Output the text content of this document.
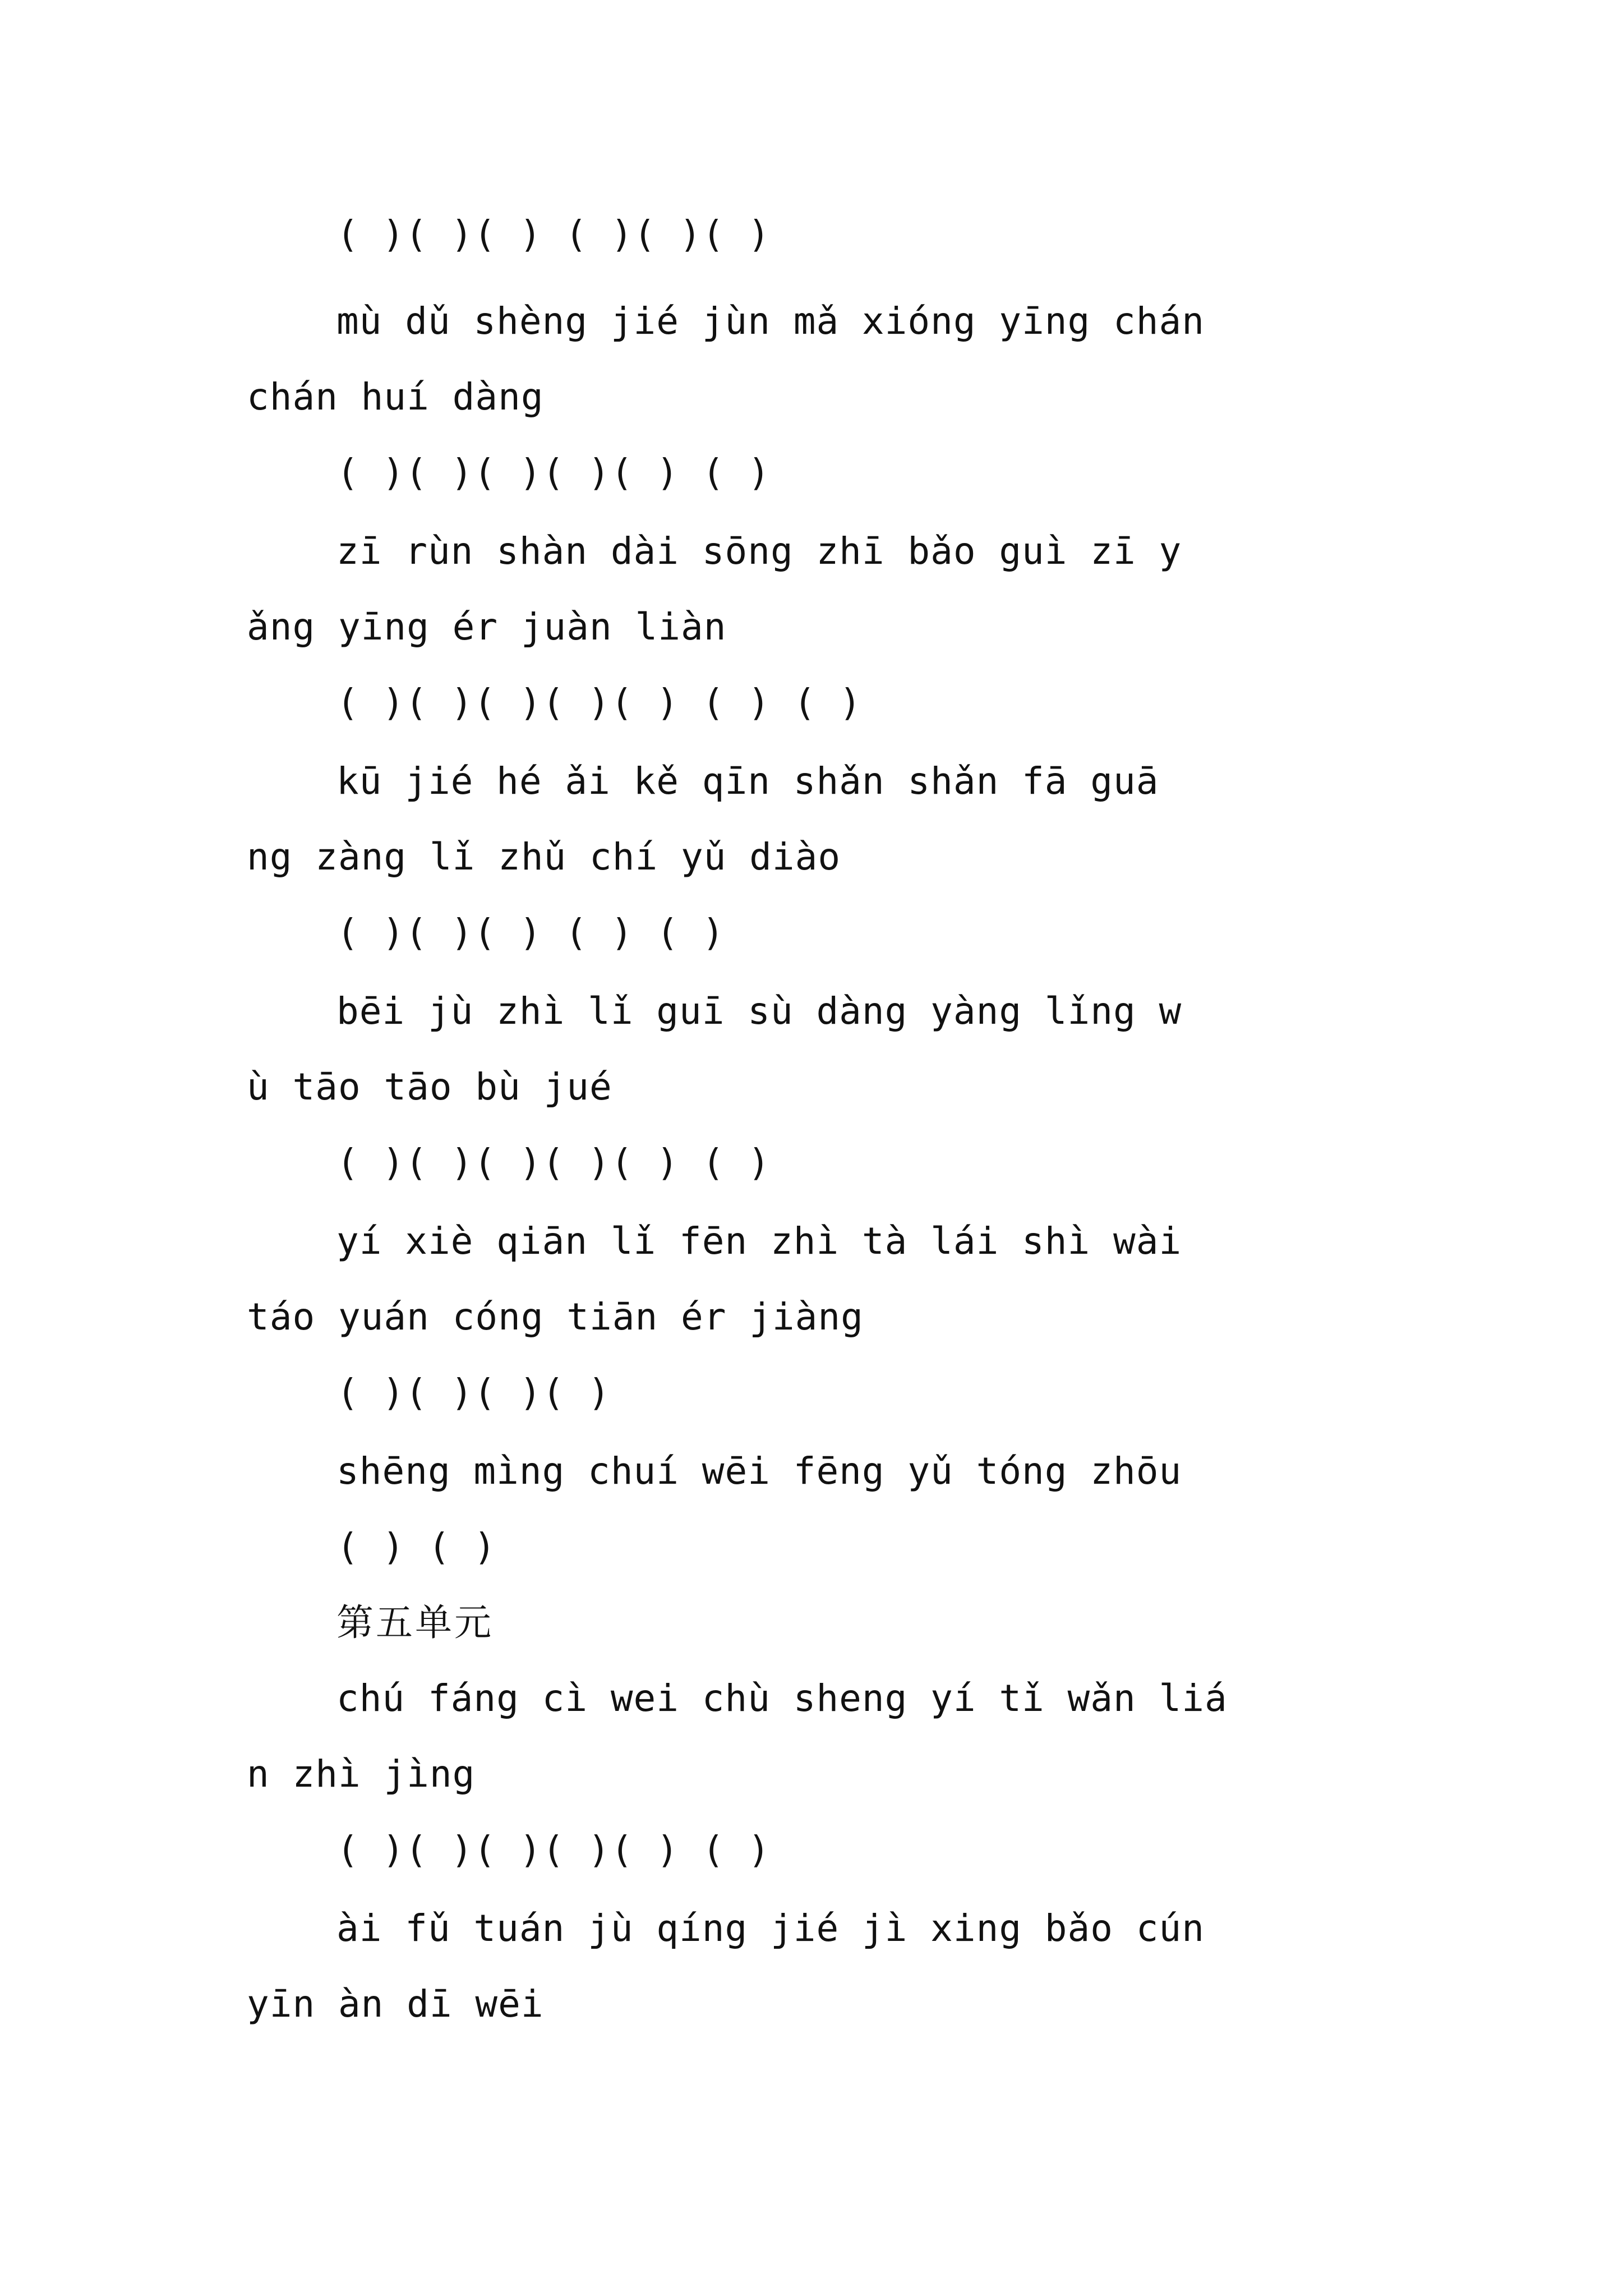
( )( )( ) ( )( )( )

mù dǔ shèng jié jùn mǎ xióng yīng chán

chán huí dàng

( )( )( )( )( ) ( )

zī rùn shàn dài sōng zhī bǎo guì zī y

ǎng yīng ér juàn liàn

( )( )( )( )( ) ( ) ( )

kū jié hé ǎi kě qīn shǎn shǎn fā guā

ng zàng lǐ zhǔ chí yǔ diào

( )( )( ) ( ) ( )

bēi jù zhì lǐ guī sù dàng yàng lǐng w

ù tāo tāo bù jué

( )( )( )( )( ) ( )

yí xiè qiān lǐ fēn zhì tà lái shì wài

táo yuán cóng tiān ér jiàng

( )( )( )( )

shēng mìng chuí wēi fēng yǔ tóng zhōu

( ) ( )

第五单元

chú fáng cì wei chù sheng yí tǐ wǎn liá

n zhì jìng

( )( )( )( )( ) ( )

ài fǔ tuán jù qíng jié jì xing bǎo cún

yīn àn dī wēi
